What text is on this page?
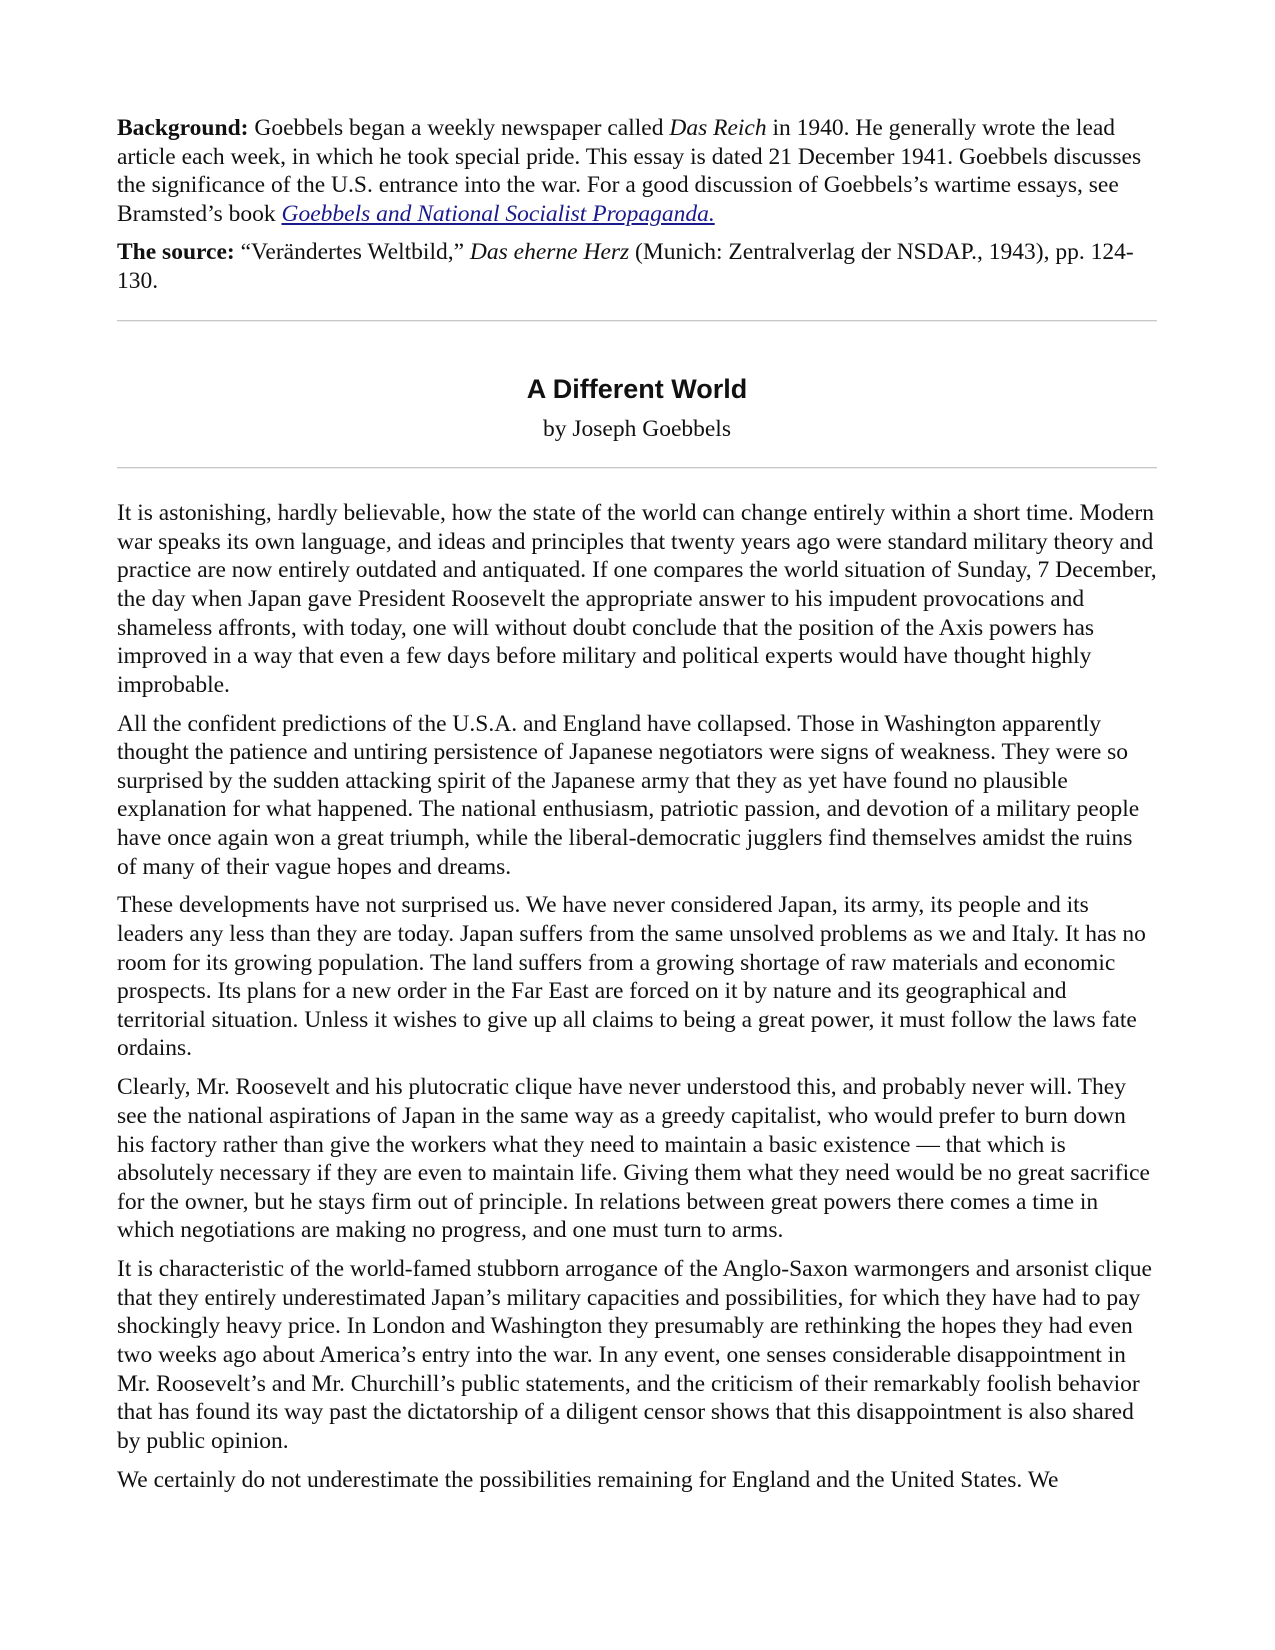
Background: Goebbels began a weekly newspaper called Das Reich in 1940. He generally wrote the lead article each week, in which he took special pride. This essay is dated 21 December 1941. Goebbels discusses the significance of the U.S. entrance into the war. For a good discussion of Goebbels’s wartime essays, see Bramsted’s book Goebbels and National Socialist Propaganda.

The source: “Verändertes Weltbild,” Das eherne Herz (Munich: Zentralverlag der NSDAP., 1943), pp. 124-130.

A Different World

by Joseph Goebbels

It is astonishing, hardly believable, how the state of the world can change entirely within a short time. Modern war speaks its own language, and ideas and principles that twenty years ago were standard military theory and practice are now entirely outdated and antiquated. If one compares the world situation of Sunday, 7 December, the day when Japan gave President Roosevelt the appropriate answer to his impudent provocations and shameless affronts, with today, one will without doubt conclude that the position of the Axis powers has improved in a way that even a few days before military and political experts would have thought highly improbable.

All the confident predictions of the U.S.A. and England have collapsed. Those in Washington apparently thought the patience and untiring persistence of Japanese negotiators were signs of weakness. They were so surprised by the sudden attacking spirit of the Japanese army that they as yet have found no plausible explanation for what happened. The national enthusiasm, patriotic passion, and devotion of a military people have once again won a great triumph, while the liberal-democratic jugglers find themselves amidst the ruins of many of their vague hopes and dreams.

These developments have not surprised us. We have never considered Japan, its army, its people and its leaders any less than they are today. Japan suffers from the same unsolved problems as we and Italy. It has no room for its growing population. The land suffers from a growing shortage of raw materials and economic prospects. Its plans for a new order in the Far East are forced on it by nature and its geographical and territorial situation. Unless it wishes to give up all claims to being a great power, it must follow the laws fate ordains.

Clearly, Mr. Roosevelt and his plutocratic clique have never understood this, and probably never will. They see the national aspirations of Japan in the same way as a greedy capitalist, who would prefer to burn down his factory rather than give the workers what they need to maintain a basic existence — that which is absolutely necessary if they are even to maintain life. Giving them what they need would be no great sacrifice for the owner, but he stays firm out of principle. In relations between great powers there comes a time in which negotiations are making no progress, and one must turn to arms.

It is characteristic of the world-famed stubborn arrogance of the Anglo-Saxon warmongers and arsonist clique that they entirely underestimated Japan’s military capacities and possibilities, for which they have had to pay shockingly heavy price. In London and Washington they presumably are rethinking the hopes they had even two weeks ago about America’s entry into the war. In any event, one senses considerable disappointment in Mr. Roosevelt’s and Mr. Churchill’s public statements, and the criticism of their remarkably foolish behavior that has found its way past the dictatorship of a diligent censor shows that this disappointment is also shared by public opinion.

We certainly do not underestimate the possibilities remaining for England and the United States. We
